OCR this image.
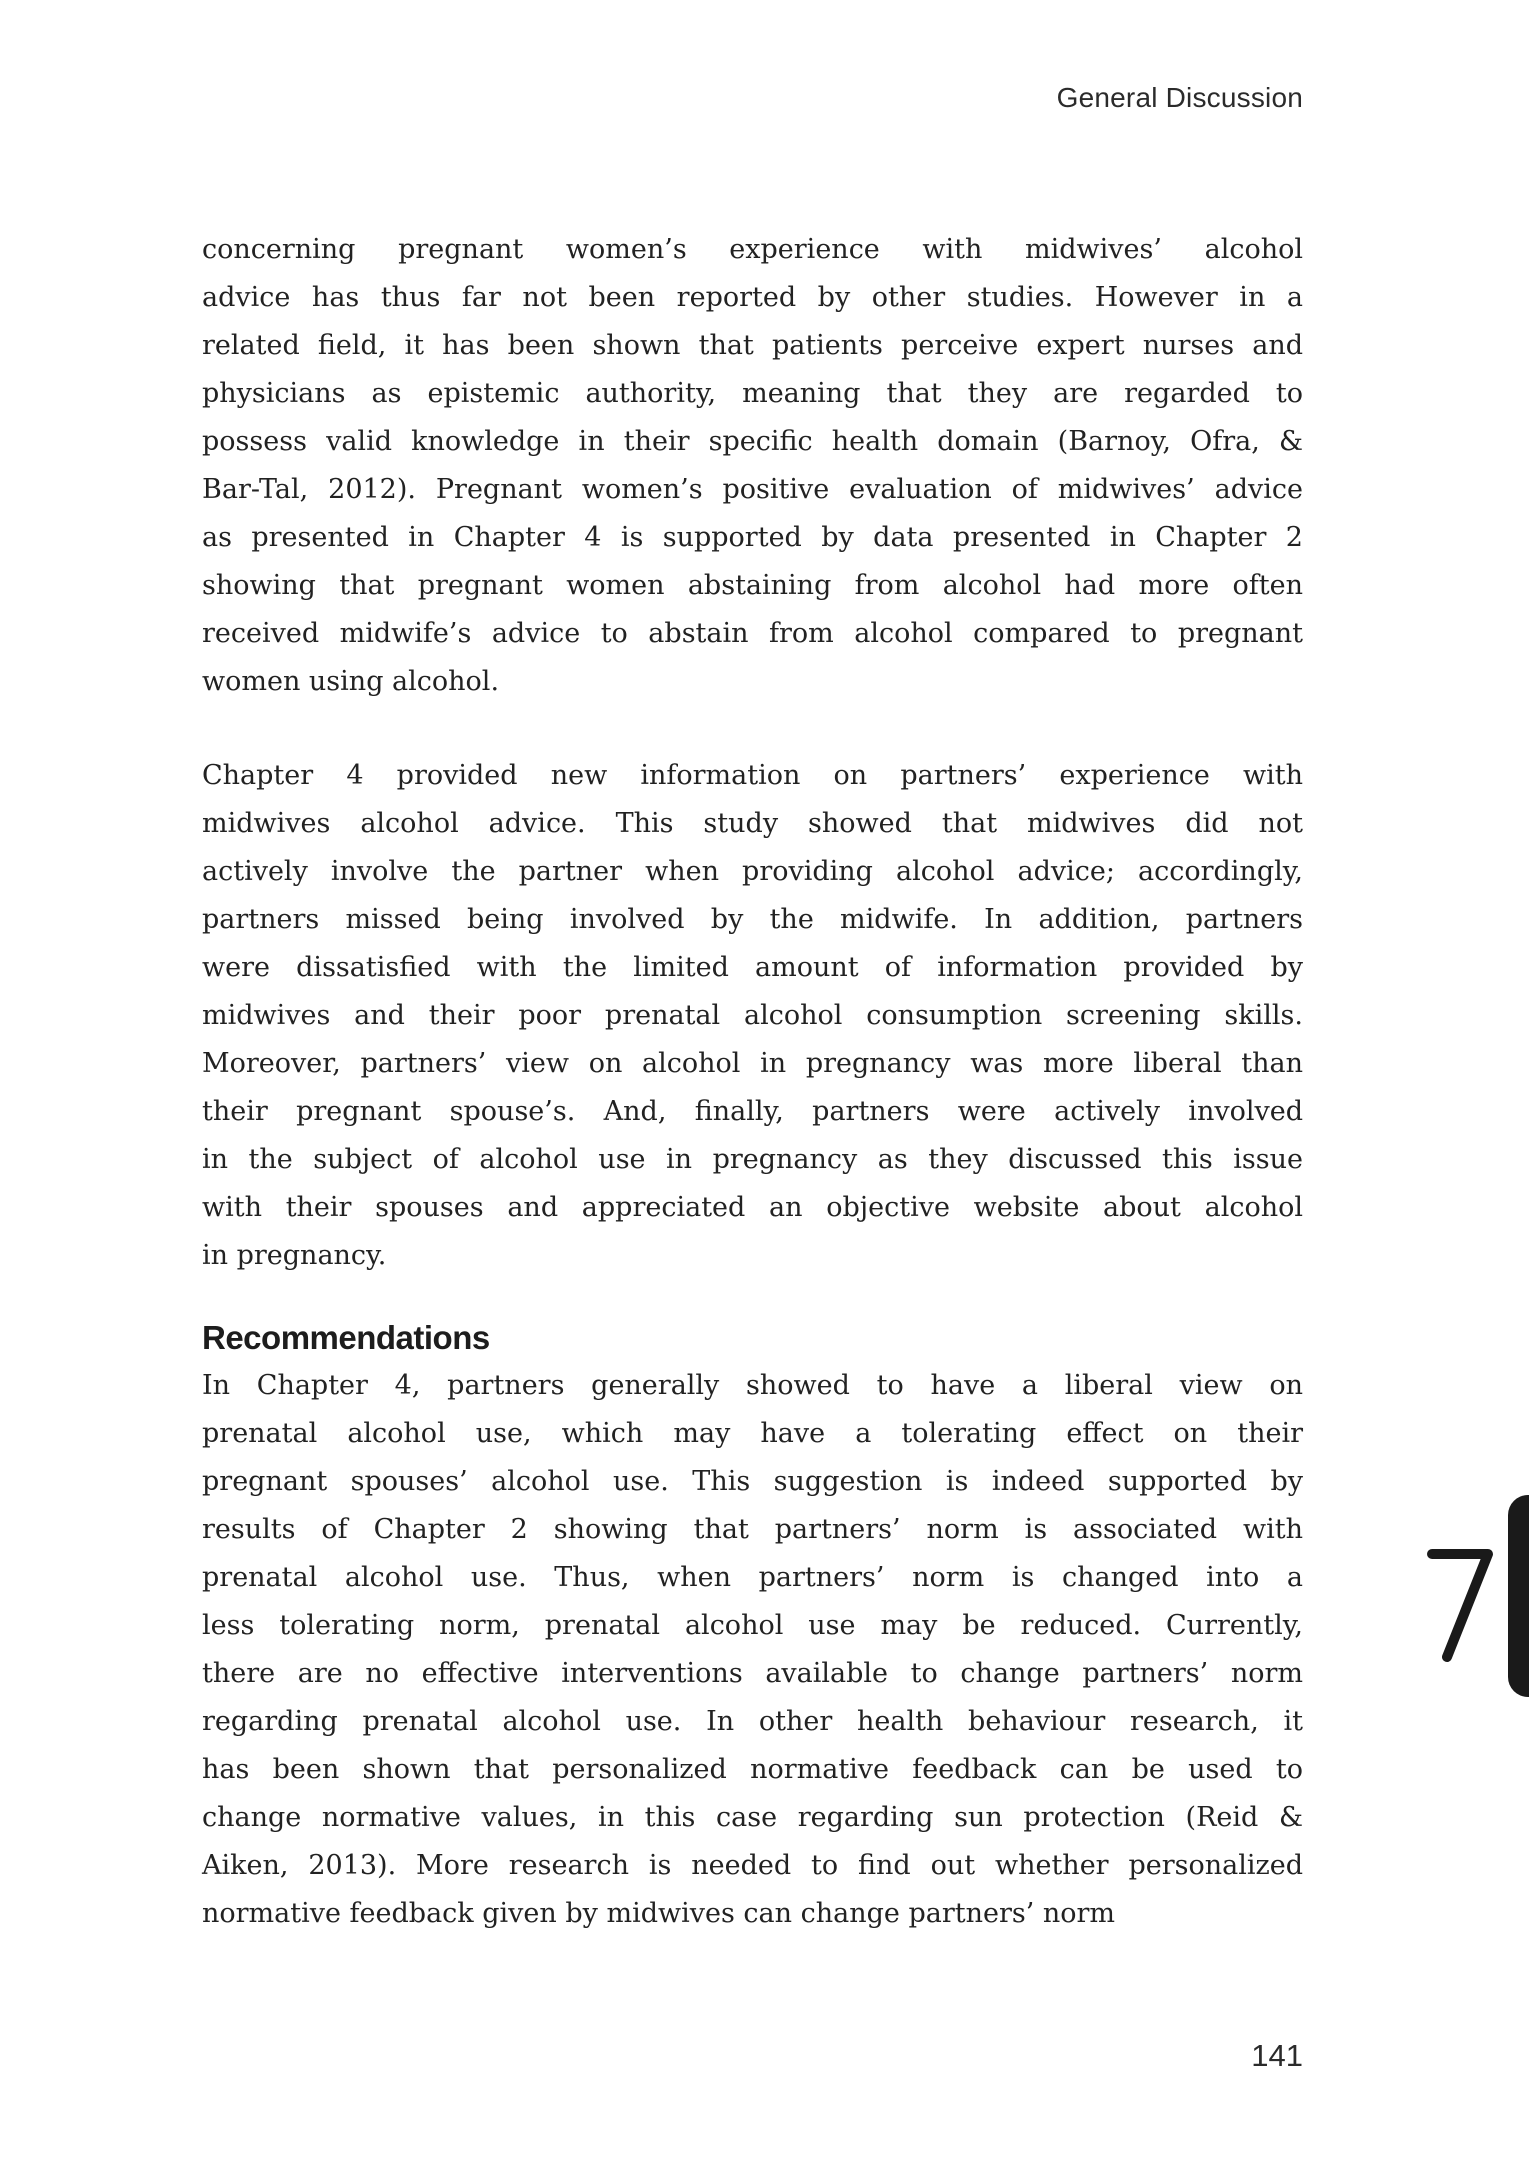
General Discussion
concerning pregnant women’s experience with midwives’ alcohol
advice has thus far not been reported by other studies. However in a
related field, it has been shown that patients perceive expert nurses and
physicians as epistemic authority, meaning that they are regarded to
possess valid knowledge in their specific health domain (Barnoy, Ofra, &
Bar-Tal, 2012). Pregnant women’s positive evaluation of midwives’ advice
as presented in Chapter 4 is supported by data presented in Chapter 2
showing that pregnant women abstaining from alcohol had more often
received midwife’s advice to abstain from alcohol compared to pregnant
women using alcohol.
Chapter 4 provided new information on partners’ experience with
midwives alcohol advice. This study showed that midwives did not
actively involve the partner when providing alcohol advice; accordingly,
partners missed being involved by the midwife. In addition, partners
were dissatisfied with the limited amount of information provided by
midwives and their poor prenatal alcohol consumption screening skills.
Moreover, partners’ view on alcohol in pregnancy was more liberal than
their pregnant spouse’s. And, finally, partners were actively involved
in the subject of alcohol use in pregnancy as they discussed this issue
with their spouses and appreciated an objective website about alcohol
in pregnancy.
Recommendations
In Chapter 4, partners generally showed to have a liberal view on
prenatal alcohol use, which may have a tolerating effect on their
pregnant spouses’ alcohol use. This suggestion is indeed supported by
results of Chapter 2 showing that partners’ norm is associated with
prenatal alcohol use. Thus, when partners’ norm is changed into a
less tolerating norm, prenatal alcohol use may be reduced. Currently,
there are no effective interventions available to change partners’ norm
regarding prenatal alcohol use. In other health behaviour research, it
has been shown that personalized normative feedback can be used to
change normative values, in this case regarding sun protection (Reid &
Aiken, 2013). More research is needed to find out whether personalized
normative feedback given by midwives can change partners’ norm
141
